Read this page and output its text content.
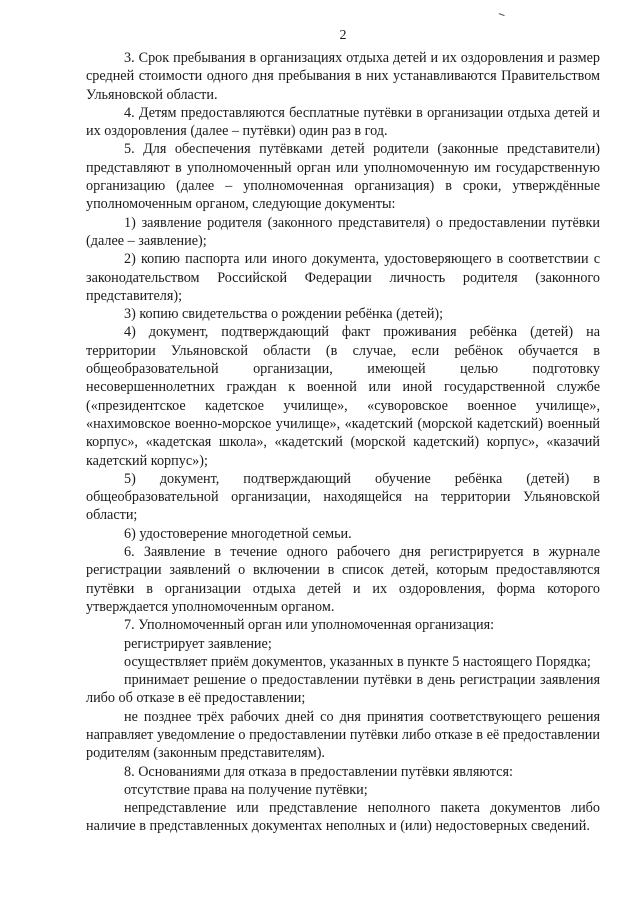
2

3. Срок пребывания в организациях отдыха детей и их оздоровления и размер средней стоимости одного дня пребывания в них устанавливаются Правительством Ульяновской области.

4. Детям предоставляются бесплатные путёвки в организации отдыха детей и их оздоровления (далее – путёвки) один раз в год.

5. Для обеспечения путёвками детей родители (законные представители) представляют в уполномоченный орган или уполномоченную им государственную организацию (далее – уполномоченная организация) в сроки, утверждённые уполномоченным органом, следующие документы:

1) заявление родителя (законного представителя) о предоставлении путёвки (далее – заявление);

2) копию паспорта или иного документа, удостоверяющего в соответствии с законодательством Российской Федерации личность родителя (законного представителя);

3) копию свидетельства о рождении ребёнка (детей);

4) документ, подтверждающий факт проживания ребёнка (детей) на территории Ульяновской области (в случае, если ребёнок обучается в общеобразовательной организации, имеющей целью подготовку несовершеннолетних граждан к военной или иной государственной службе («президентское кадетское училище», «суворовское военное училище», «нахимовское военно-морское училище», «кадетский (морской кадетский) военный корпус», «кадетская школа», «кадетский (морской кадетский) корпус», «казачий кадетский корпус»);

5) документ, подтверждающий обучение ребёнка (детей) в общеобразовательной организации, находящейся на территории Ульяновской области;

6) удостоверение многодетной семьи.

6. Заявление в течение одного рабочего дня регистрируется в журнале регистрации заявлений о включении в список детей, которым предоставляются путёвки в организации отдыха детей и их оздоровления, форма которого утверждается уполномоченным органом.

7. Уполномоченный орган или уполномоченная организация:

регистрирует заявление;

осуществляет приём документов, указанных в пункте 5 настоящего Порядка;

принимает решение о предоставлении путёвки в день регистрации заявления либо об отказе в её предоставлении;

не позднее трёх рабочих дней со дня принятия соответствующего решения направляет уведомление о предоставлении путёвки либо отказе в её предоставлении родителям (законным представителям).

8. Основаниями для отказа в предоставлении путёвки являются:

отсутствие права на получение путёвки;

непредставление или представление неполного пакета документов либо наличие в представленных документах неполных и (или) недостоверных сведений.
